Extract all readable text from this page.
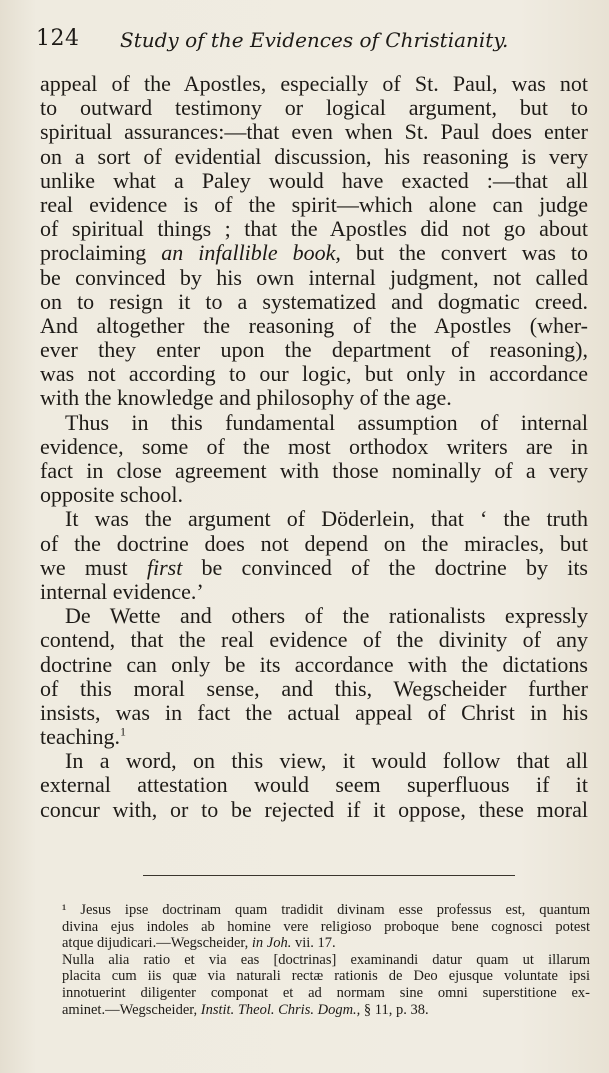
124 Study of the Evidences of Christianity.
appeal of the Apostles, especially of St. Paul, was not
to outward testimony or logical argument, but to
spiritual assurances:—that even when St. Paul does enter
on a sort of evidential discussion, his reasoning is very
unlike what a Paley would have exacted :—that all
real evidence is of the spirit—which alone can judge
of spiritual things ; that the Apostles did not go about
proclaiming an infallible book, but the convert was to
be convinced by his own internal judgment, not called
on to resign it to a systematized and dogmatic creed.
And altogether the reasoning of the Apostles (wher-
ever they enter upon the department of reasoning),
was not according to our logic, but only in accordance
with the knowledge and philosophy of the age.
Thus in this fundamental assumption of internal
evidence, some of the most orthodox writers are in
fact in close agreement with those nominally of a very
opposite school.
It was the argument of Döderlein, that ‘ the truth
of the doctrine does not depend on the miracles, but
we must first be convinced of the doctrine by its
internal evidence.’
De Wette and others of the rationalists expressly
contend, that the real evidence of the divinity of any
doctrine can only be its accordance with the dictations
of this moral sense, and this, Wegscheider further
insists, was in fact the actual appeal of Christ in his
teaching.$^1$
In a word, on this view, it would follow that all
external attestation would seem superfluous if it
concur with, or to be rejected if it oppose, these moral
¹ Jesus ipse doctrinam quam tradidit divinam esse professus est, quantum
divina ejus indoles ab homine vere religioso proboque bene cognosci potest
atque dijudicari.—Wegscheider, in Joh. vii. 17.
Nulla alia ratio et via eas [doctrinas] examinandi datur quam ut illarum
placita cum iis quæ via naturali rectæ rationis de Deo ejusque voluntate ipsi
innotuerint diligenter componat et ad normam sine omni superstitione ex-
aminet.—Wegscheider, Instit. Theol. Chris. Dogm., § 11, p. 38.
